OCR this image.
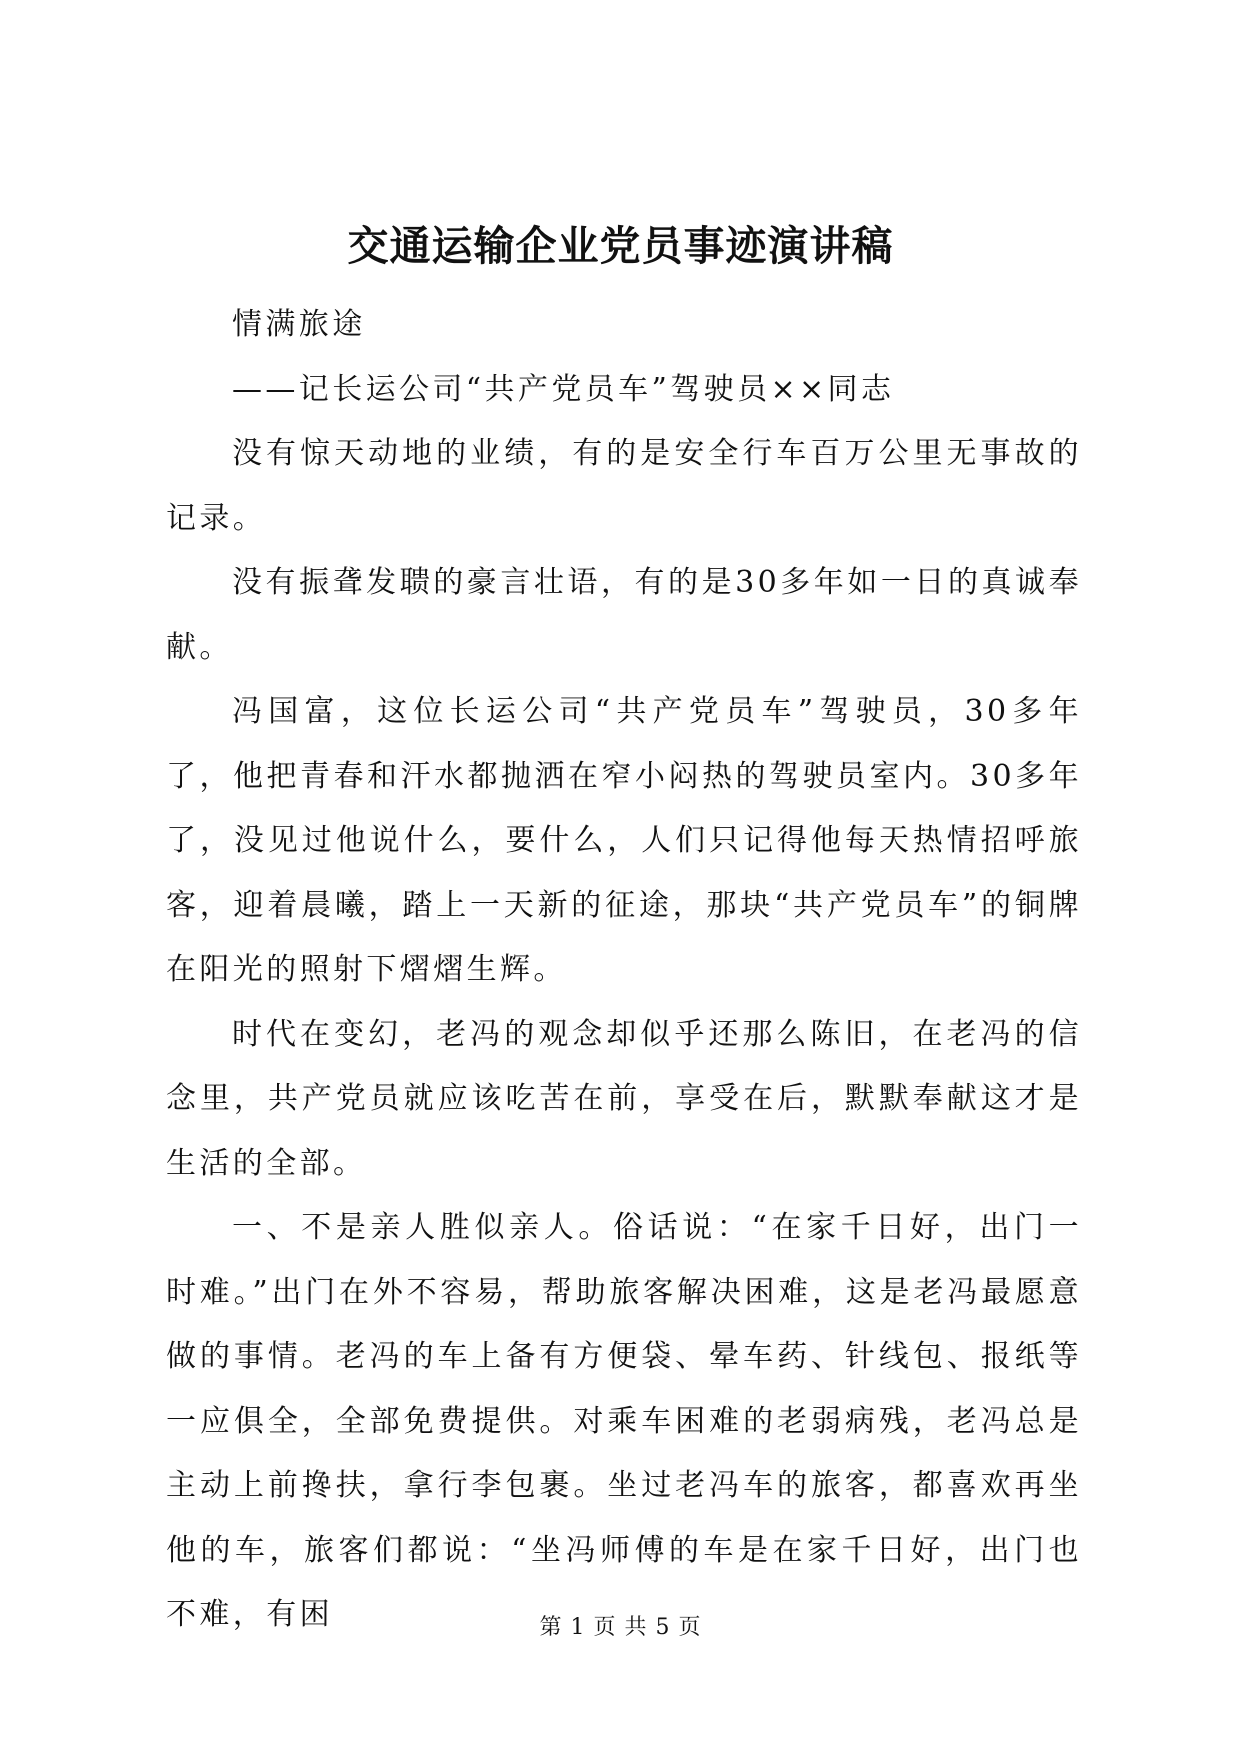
交通运输企业党员事迹演讲稿

情满旅途

——记长运公司“共产党员车”驾驶员××同志

没有惊天动地的业绩，有的是安全行车百万公里无事故的记录。

没有振聋发聩的豪言壮语，有的是30多年如一日的真诚奉献。

冯国富，这位长运公司“共产党员车”驾驶员，30多年了，他把青春和汗水都抛洒在窄小闷热的驾驶员室内。30多年了，没见过他说什么，要什么，人们只记得他每天热情招呼旅客，迎着晨曦，踏上一天新的征途，那块“共产党员车”的铜牌在阳光的照射下熠熠生辉。

时代在变幻，老冯的观念却似乎还那么陈旧，在老冯的信念里，共产党员就应该吃苦在前，享受在后，默默奉献这才是生活的全部。

一、不是亲人胜似亲人。俗话说：“在家千日好，出门一时难。”出门在外不容易，帮助旅客解决困难，这是老冯最愿意做的事情。老冯的车上备有方便袋、晕车药、针线包、报纸等一应俱全，全部免费提供。对乘车困难的老弱病残，老冯总是主动上前搀扶，拿行李包裹。坐过老冯车的旅客，都喜欢再坐他的车，旅客们都说：“坐冯师傅的车是在家千日好，出门也不难，有困	第 1 页 共 5 页
